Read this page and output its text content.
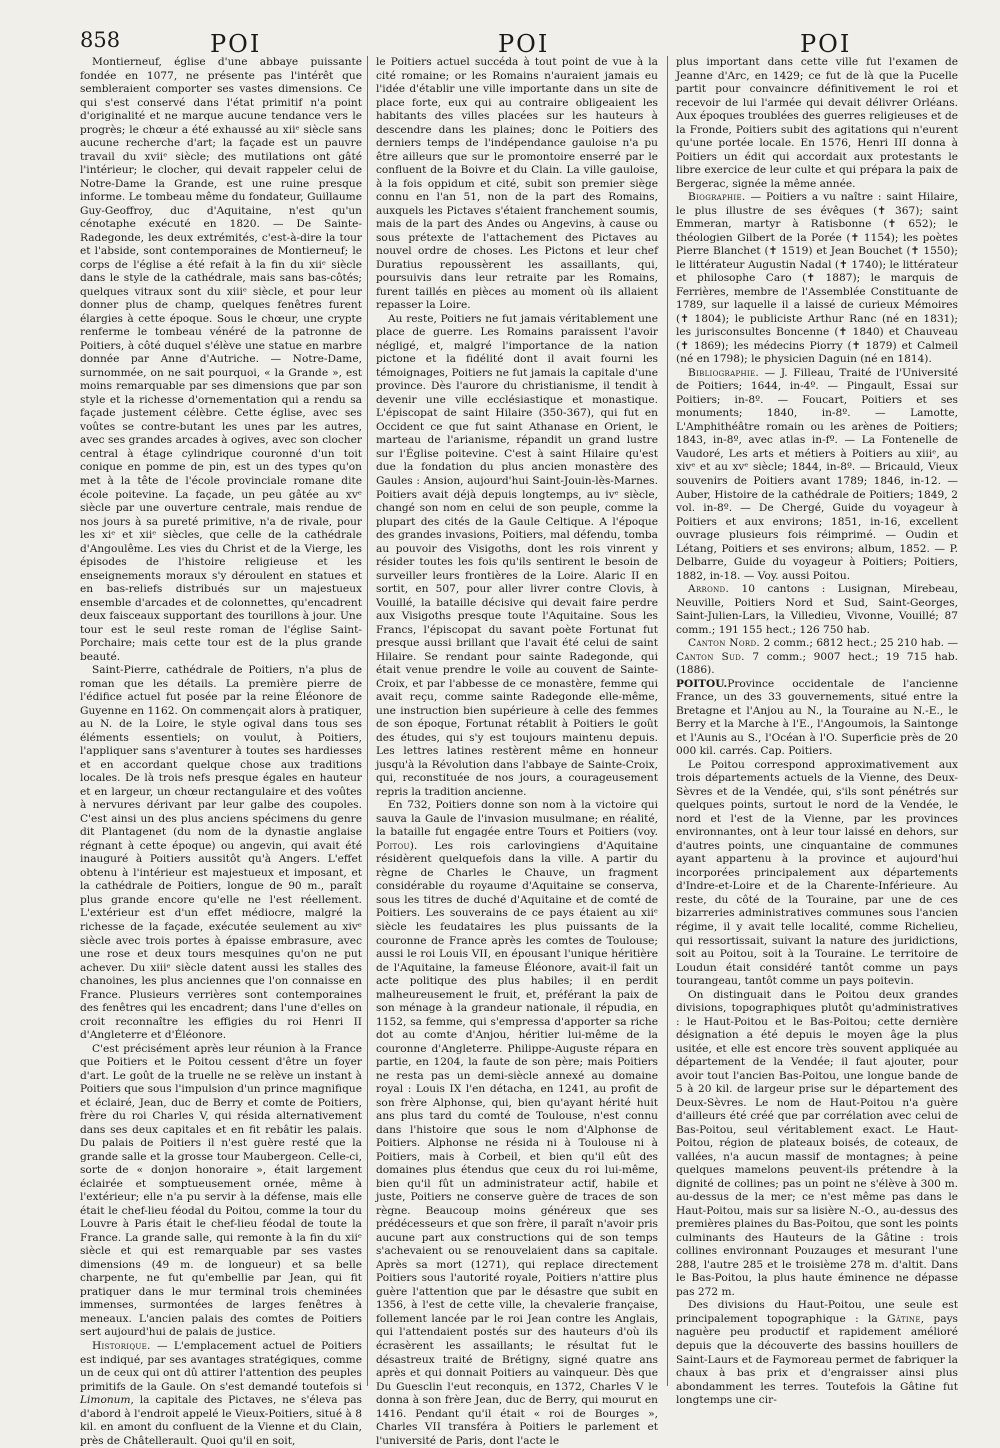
858	POI	POI	POI

Montierneuf, église d'une abbaye puissante fondée en 1077, ne présente pas l'intérêt que sembleraient comporter ses vastes dimensions. Ce qui s'est conservé dans l'état primitif n'a point d'originalité et ne marque aucune tendance vers le progrès; le chœur a été exhaussé au xiiᵉ siècle sans aucune recherche d'art; la façade est un pauvre travail du xviiᵉ siècle; des mutilations ont gâté l'intérieur; le clocher, qui devait rappeler celui de Notre-Dame la Grande, est une ruine presque informe. Le tombeau même du fondateur, Guillaume Guy-Geoffroy, duc d'Aquitaine, n'est qu'un cénotaphe exécuté en 1820. — De Sainte-Radegonde, les deux extrémités, c'est-à-dire la tour et l'abside, sont contemporaines de Montierneuf; le corps de l'église a été refait à la fin du xiiᵉ siècle dans le style de la cathédrale, mais sans bas-côtés; quelques vitraux sont du xiiiᵉ siècle, et pour leur donner plus de champ, quelques fenêtres furent élargies à cette époque. Sous le chœur, une crypte renferme le tombeau vénéré de la patronne de Poitiers, à côté duquel s'élève une statue en marbre donnée par Anne d'Autriche. — Notre-Dame, surnommée, on ne sait pourquoi, « la Grande », est moins remarquable par ses dimensions que par son style et la richesse d'ornementation qui a rendu sa façade justement célèbre. Cette église, avec ses voûtes se contre-butant les unes par les autres, avec ses grandes arcades à ogives, avec son clocher central à étage cylindrique couronné d'un toit conique en pomme de pin, est un des types qu'on met à la tête de l'école provinciale romane dite école poitevine. La façade, un peu gâtée au xvᵉ siècle par une ouverture centrale, mais rendue de nos jours à sa pureté primitive, n'a de rivale, pour les xiᵉ et xiiᵉ siècles, que celle de la cathédrale d'Angoulême. Les vies du Christ et de la Vierge, les épisodes de l'histoire religieuse et les enseignements moraux s'y déroulent en statues et en bas-reliefs distribués sur un majestueux ensemble d'arcades et de colonnettes, qu'encadrent deux faisceaux supportant des tourillons à jour. Une tour est le seul reste roman de l'église Saint-Porchaire; mais cette tour est de la plus grande beauté.

Saint-Pierre, cathédrale de Poitiers, n'a plus de roman que les détails. La première pierre de l'édifice actuel fut posée par la reine Éléonore de Guyenne en 1162. On commençait alors à pratiquer, au N. de la Loire, le style ogival dans tous ses éléments essentiels; on voulut, à Poitiers, l'appliquer sans s'aventurer à toutes ses hardiesses et en accordant quelque chose aux traditions locales. De là trois nefs presque égales en hauteur et en largeur, un chœur rectangulaire et des voûtes à nervures dérivant par leur galbe des coupoles. C'est ainsi un des plus anciens spécimens du genre dit Plantagenet (du nom de la dynastie anglaise régnant à cette époque) ou angevin, qui avait été inauguré à Poitiers aussitôt qu'à Angers. L'effet obtenu à l'intérieur est majestueux et imposant, et la cathédrale de Poitiers, longue de 90 m., paraît plus grande encore qu'elle ne l'est réellement. L'extérieur est d'un effet médiocre, malgré la richesse de la façade, exécutée seulement au xivᵉ siècle avec trois portes à épaisse embrasure, avec une rose et deux tours mesquines qu'on ne put achever. Du xiiiᵉ siècle datent aussi les stalles des chanoines, les plus anciennes que l'on connaisse en France. Plusieurs verrières sont contemporaines des fenêtres qui les encadrent; dans l'une d'elles on croit reconnaître les effigies du roi Henri II d'Angleterre et d'Éléonore.

C'est précisément après leur réunion à la France que Poitiers et le Poitou cessent d'être un foyer d'art. Le goût de la truelle ne se relève un instant à Poitiers que sous l'impulsion d'un prince magnifique et éclairé, Jean, duc de Berry et comte de Poitiers, frère du roi Charles V, qui résida alternativement dans ses deux capitales et en fit rebâtir les palais. Du palais de Poitiers il n'est guère resté que la grande salle et la grosse tour Maubergeon. Celle-ci, sorte de « donjon honoraire », était largement éclairée et somptueusement ornée, même à l'extérieur; elle n'a pu servir à la défense, mais elle était le chef-lieu féodal du Poitou, comme la tour du Louvre à Paris était le chef-lieu féodal de toute la France. La grande salle, qui remonte à la fin du xiiᵉ siècle et qui est remarquable par ses vastes dimensions (49 m. de longueur) et sa belle charpente, ne fut qu'embellie par Jean, qui fit pratiquer dans le mur terminal trois cheminées immenses, surmontées de larges fenêtres à meneaux. L'ancien palais des comtes de Poitiers sert aujourd'hui de palais de justice.

Historique. — L'emplacement actuel de Poitiers est indiqué, par ses avantages stratégiques, comme un de ceux qui ont dû attirer l'attention des peuples primitifs de la Gaule. On s'est demandé toutefois si Limonum, la capitale des Pictaves, ne s'éleva pas d'abord à l'endroit appelé le Vieux-Poitiers, situé à 8 kil. en amont du confluent de la Vienne et du Clain, près de Châtellerault. Quoi qu'il en soit,

le Poitiers actuel succéda à tout point de vue à la cité romaine; or les Romains n'auraient jamais eu l'idée d'établir une ville importante dans un site de place forte, eux qui au contraire obligeaient les habitants des villes placées sur les hauteurs à descendre dans les plaines; donc le Poitiers des derniers temps de l'indépendance gauloise n'a pu être ailleurs que sur le promontoire enserré par le confluent de la Boivre et du Clain. La ville gauloise, à la fois oppidum et cité, subit son premier siège connu en l'an 51, non de la part des Romains, auxquels les Pictaves s'étaient franchement soumis, mais de la part des Andes ou Angevins, à cause ou sous prétexte de l'attachement des Pictaves au nouvel ordre de choses. Les Pictons et leur chef Duratius repoussèrent les assaillants, qui, poursuivis dans leur retraite par les Romains, furent taillés en pièces au moment où ils allaient repasser la Loire.

Au reste, Poitiers ne fut jamais véritablement une place de guerre. Les Romains paraissent l'avoir négligé, et, malgré l'importance de la nation pictone et la fidélité dont il avait fourni les témoignages, Poitiers ne fut jamais la capitale d'une province. Dès l'aurore du christianisme, il tendit à devenir une ville ecclésiastique et monastique. L'épiscopat de saint Hilaire (350-367), qui fut en Occident ce que fut saint Athanase en Orient, le marteau de l'arianisme, répandit un grand lustre sur l'Église poitevine. C'est à saint Hilaire qu'est due la fondation du plus ancien monastère des Gaules : Ansion, aujourd'hui Saint-Jouin-lès-Marnes. Poitiers avait déjà depuis longtemps, au ivᵉ siècle, changé son nom en celui de son peuple, comme la plupart des cités de la Gaule Celtique. A l'époque des grandes invasions, Poitiers, mal défendu, tomba au pouvoir des Visigoths, dont les rois vinrent y résider toutes les fois qu'ils sentirent le besoin de surveiller leurs frontières de la Loire. Alaric II en sortit, en 507, pour aller livrer contre Clovis, à Vouillé, la bataille décisive qui devait faire perdre aux Visigoths presque toute l'Aquitaine. Sous les Francs, l'épiscopat du savant poète Fortunat fut presque aussi brillant que l'avait été celui de saint Hilaire. Se rendant pour sainte Radegonde, qui était venue prendre le voile au couvent de Sainte-Croix, et par l'abbesse de ce monastère, femme qui avait reçu, comme sainte Radegonde elle-même, une instruction bien supérieure à celle des femmes de son époque, Fortunat rétablit à Poitiers le goût des études, qui s'y est toujours maintenu depuis. Les lettres latines restèrent même en honneur jusqu'à la Révolution dans l'abbaye de Sainte-Croix, qui, reconstituée de nos jours, a courageusement repris la tradition ancienne.

En 732, Poitiers donne son nom à la victoire qui sauva la Gaule de l'invasion musulmane; en réalité, la bataille fut engagée entre Tours et Poitiers (voy. Poitou). Les rois carlovingiens d'Aquitaine résidèrent quelquefois dans la ville. A partir du règne de Charles le Chauve, un fragment considérable du royaume d'Aquitaine se conserva, sous les titres de duché d'Aquitaine et de comté de Poitiers. Les souverains de ce pays étaient au xiiᵉ siècle les feudataires les plus puissants de la couronne de France après les comtes de Toulouse; aussi le roi Louis VII, en épousant l'unique héritière de l'Aquitaine, la fameuse Éléonore, avait-il fait un acte politique des plus habiles; il en perdit malheureusement le fruit, et, préférant la paix de son ménage à la grandeur nationale, il répudia, en 1152, sa femme, qui s'empressa d'apporter sa riche dot au comte d'Anjou, héritier lui-même de la couronne d'Angleterre. Philippe-Auguste répara en partie, en 1204, la faute de son père; mais Poitiers ne resta pas un demi-siècle annexé au domaine royal : Louis IX l'en détacha, en 1241, au profit de son frère Alphonse, qui, bien qu'ayant hérité huit ans plus tard du comté de Toulouse, n'est connu dans l'histoire que sous le nom d'Alphonse de Poitiers. Alphonse ne résida ni à Toulouse ni à Poitiers, mais à Corbeil, et bien qu'il eût des domaines plus étendus que ceux du roi lui-même, bien qu'il fût un administrateur actif, habile et juste, Poitiers ne conserve guère de traces de son règne. Beaucoup moins généreux que ses prédécesseurs et que son frère, il paraît n'avoir pris aucune part aux constructions qui de son temps s'achevaient ou se renouvelaient dans sa capitale. Après sa mort (1271), qui replace directement Poitiers sous l'autorité royale, Poitiers n'attire plus guère l'attention que par le désastre que subit en 1356, à l'est de cette ville, la chevalerie française, follement lancée par le roi Jean contre les Anglais, qui l'attendaient postés sur des hauteurs d'où ils écrasèrent les assaillants; le résultat fut le désastreux traité de Brétigny, signé quatre ans après et qui donnait Poitiers au vainqueur. Dès que Du Guesclin l'eut reconquis, en 1372, Charles V le donna à son frère Jean, duc de Berry, qui mourut en 1416. Pendant qu'il était « roi de Bourges », Charles VII transféra à Poitiers le parlement et l'université de Paris, dont l'acte le

plus important dans cette ville fut l'examen de Jeanne d'Arc, en 1429; ce fut de là que la Pucelle partit pour convaincre définitivement le roi et recevoir de lui l'armée qui devait délivrer Orléans. Aux époques troublées des guerres religieuses et de la Fronde, Poitiers subit des agitations qui n'eurent qu'une portée locale. En 1576, Henri III donna à Poitiers un édit qui accordait aux protestants le libre exercice de leur culte et qui prépara la paix de Bergerac, signée la même année.

Biographie. — Poitiers a vu naître : saint Hilaire, le plus illustre de ses évêques (✝ 367); saint Emmeran, martyr à Ratisbonne (✝ 652); le théologien Gilbert de la Porée (✝ 1154); les poètes Pierre Blanchet (✝ 1519) et Jean Bouchet (✝ 1550); le littérateur Augustin Nadal (✝ 1740); le littérateur et philosophe Caro (✝ 1887); le marquis de Ferrières, membre de l'Assemblée Constituante de 1789, sur laquelle il a laissé de curieux Mémoires (✝ 1804); le publiciste Arthur Ranc (né en 1831); les jurisconsultes Boncenne (✝ 1840) et Chauveau (✝ 1869); les médecins Piorry (✝ 1879) et Calmeil (né en 1798); le physicien Daguin (né en 1814).

Bibliographie. — J. Filleau, Traité de l'Université de Poitiers; 1644, in-4º. — Pingault, Essai sur Poitiers; in-8º. — Foucart, Poitiers et ses monuments; 1840, in-8º. — Lamotte, L'Amphithéâtre romain ou les arènes de Poitiers; 1843, in-8º, avec atlas in-fº. — La Fontenelle de Vaudoré, Les arts et métiers à Poitiers au xiiiᵉ, au xivᵉ et au xvᵉ siècle; 1844, in-8º. — Bricauld, Vieux souvenirs de Poitiers avant 1789; 1846, in-12. — Auber, Histoire de la cathédrale de Poitiers; 1849, 2 vol. in-8º. — De Chergé, Guide du voyageur à Poitiers et aux environs; 1851, in-16, excellent ouvrage plusieurs fois réimprimé. — Oudin et Létang, Poitiers et ses environs; album, 1852. — P. Delbarre, Guide du voyageur à Poitiers; Poitiers, 1882, in-18. — Voy. aussi Poitou.

Arrond. 10 cantons : Lusignan, Mirebeau, Neuville, Poitiers Nord et Sud, Saint-Georges, Saint-Julien-Lars, la Villedieu, Vivonne, Vouillé; 87 comm.; 191 155 hect.; 126 750 hab.

Canton Nord. 2 comm.; 6812 hect.; 25 210 hab. — Canton Sud. 7 comm.; 9007 hect.; 19 715 hab. (1886).

POITOU.Province occidentale de l'ancienne France, un des 33 gouvernements, situé entre la Bretagne et l'Anjou au N., la Touraine au N.-E., le Berry et la Marche à l'E., l'Angoumois, la Saintonge et l'Aunis au S., l'Océan à l'O. Superficie près de 20 000 kil. carrés. Cap. Poitiers.

Le Poitou correspond approximativement aux trois départements actuels de la Vienne, des Deux-Sèvres et de la Vendée, qui, s'ils sont pénétrés sur quelques points, surtout le nord de la Vendée, le nord et l'est de la Vienne, par les provinces environnantes, ont à leur tour laissé en dehors, sur d'autres points, une cinquantaine de communes ayant appartenu à la province et aujourd'hui incorporées principalement aux départements d'Indre-et-Loire et de la Charente-Inférieure. Au reste, du côté de la Touraine, par une de ces bizarreries administratives communes sous l'ancien régime, il y avait telle localité, comme Richelieu, qui ressortissait, suivant la nature des juridictions, soit au Poitou, soit à la Touraine. Le territoire de Loudun était considéré tantôt comme un pays tourangeau, tantôt comme un pays poitevin.

On distinguait dans le Poitou deux grandes divisions, topographiques plutôt qu'administratives : le Haut-Poitou et le Bas-Poitou; cette dernière désignation a été depuis le moyen âge la plus usitée, et elle est encore très souvent appliquée au département de la Vendée; il faut ajouter, pour avoir tout l'ancien Bas-Poitou, une longue bande de 5 à 20 kil. de largeur prise sur le département des Deux-Sèvres. Le nom de Haut-Poitou n'a guère d'ailleurs été créé que par corrélation avec celui de Bas-Poitou, seul véritablement exact. Le Haut-Poitou, région de plateaux boisés, de coteaux, de vallées, n'a aucun massif de montagnes; à peine quelques mamelons peuvent-ils prétendre à la dignité de collines; pas un point ne s'élève à 300 m. au-dessus de la mer; ce n'est même pas dans le Haut-Poitou, mais sur sa lisière N.-O., au-dessus des premières plaines du Bas-Poitou, que sont les points culminants des Hauteurs de la Gâtine : trois collines environnant Pouzauges et mesurant l'une 288, l'autre 285 et le troisième 278 m. d'altit. Dans le Bas-Poitou, la plus haute éminence ne dépasse pas 272 m.

Des divisions du Haut-Poitou, une seule est principalement topographique : la Gâtine, pays naguère peu productif et rapidement amélioré depuis que la découverte des bassins houillers de Saint-Laurs et de Faymoreau permet de fabriquer la chaux à bas prix et d'engraisser ainsi plus abondamment les terres. Toutefois la Gâtine fut longtemps une cir-
